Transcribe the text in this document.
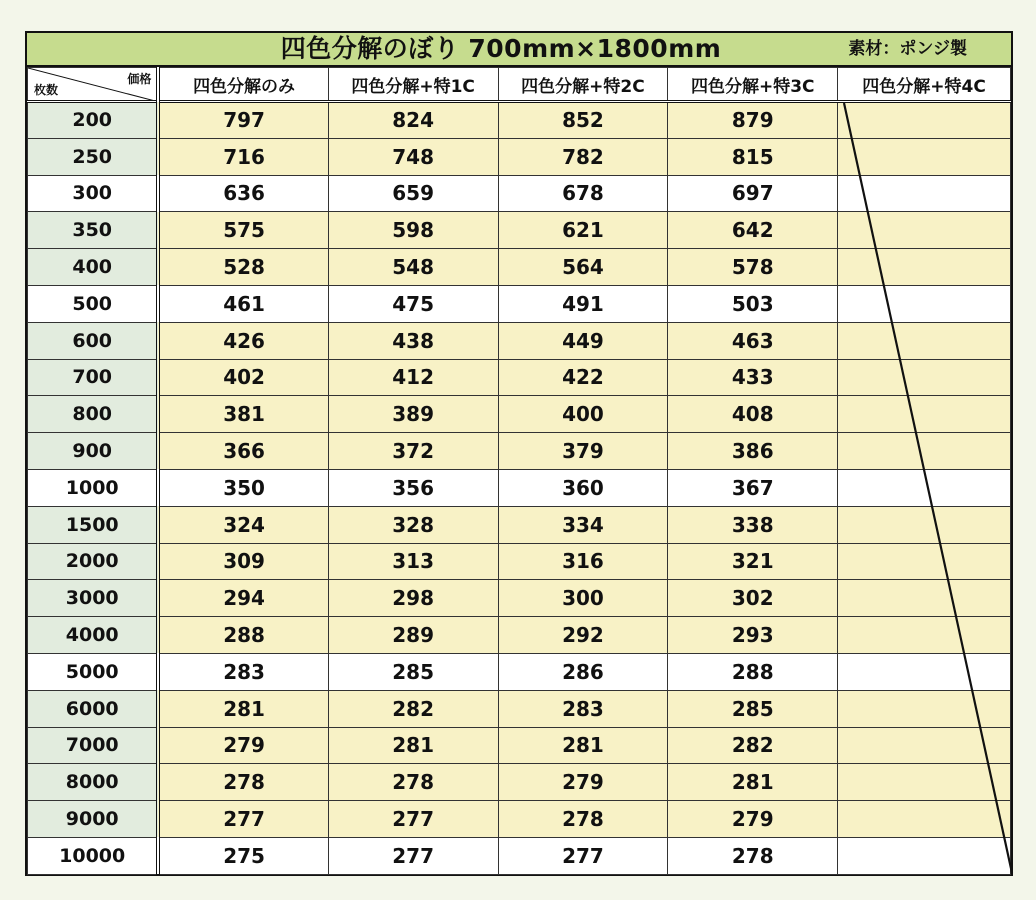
四色分解のぼり 700mm×1800mm	素材：ポンジ製
価格
枚数	四色分解のみ	四色分解+特1C	四色分解+特2C	四色分解+特3C	四色分解+特4C
200	797	824	852	879	
250	716	748	782	815	
300	636	659	678	697	
350	575	598	621	642	
400	528	548	564	578	
500	461	475	491	503	
600	426	438	449	463	
700	402	412	422	433	
800	381	389	400	408	
900	366	372	379	386	
1000	350	356	360	367	
1500	324	328	334	338	
2000	309	313	316	321	
3000	294	298	300	302	
4000	288	289	292	293	
5000	283	285	286	288	
6000	281	282	283	285	
7000	279	281	281	282	
8000	278	278	279	281	
9000	277	277	278	279	
10000	275	277	277	278	
